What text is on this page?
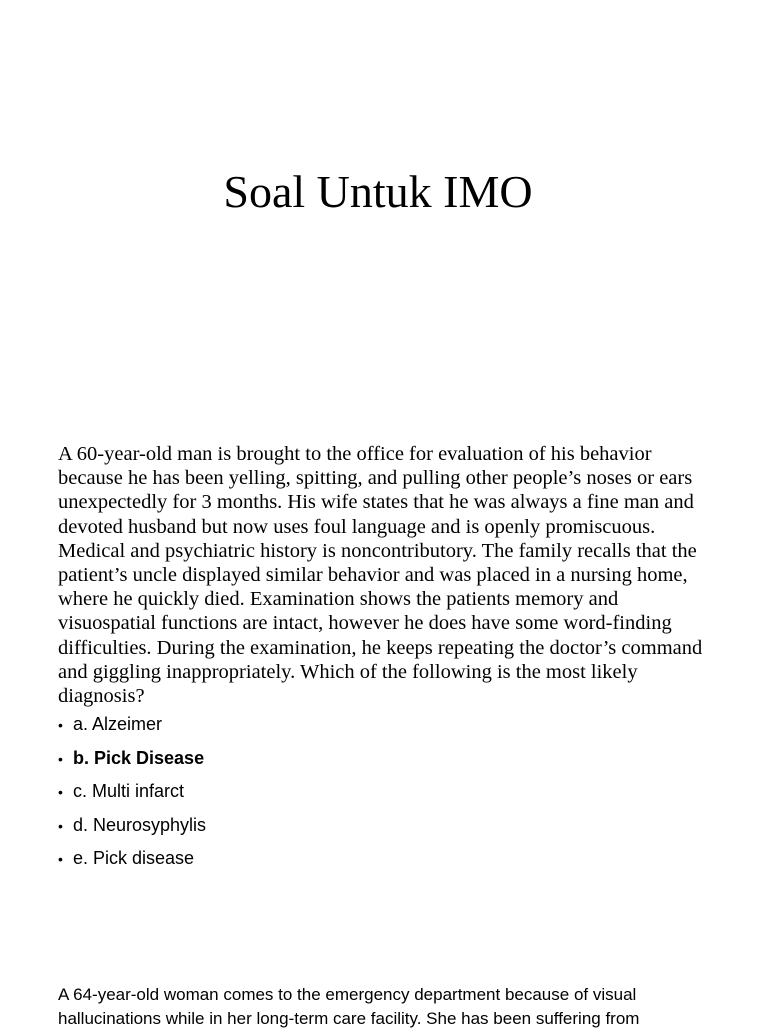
Soal Untuk IMO

A 60-year-old man is brought to the office for evaluation of his behavior because he has been yelling, spitting, and pulling other people’s noses or ears unexpectedly for 3 months. His wife states that he was always a fine man and devoted husband but now uses foul language and is openly promiscuous. Medical and psychiatric history is noncontributory. The family recalls that the patient’s uncle displayed similar behavior and was placed in a nursing home, where he quickly died. Examination shows the patients memory and visuospatial functions are intact, however he does have some word-finding difficulties. During the examination, he keeps repeating the doctor’s command and giggling inappropriately. Which of the following is the most likely diagnosis?

• a. Alzeimer
• b. Pick Disease
• c. Multi infarct
• d. Neurosyphylis
• e. Pick disease
A 64-year-old woman comes to the emergency department because of visual
hallucinations while in her long-term care facility. She has been suffering from
